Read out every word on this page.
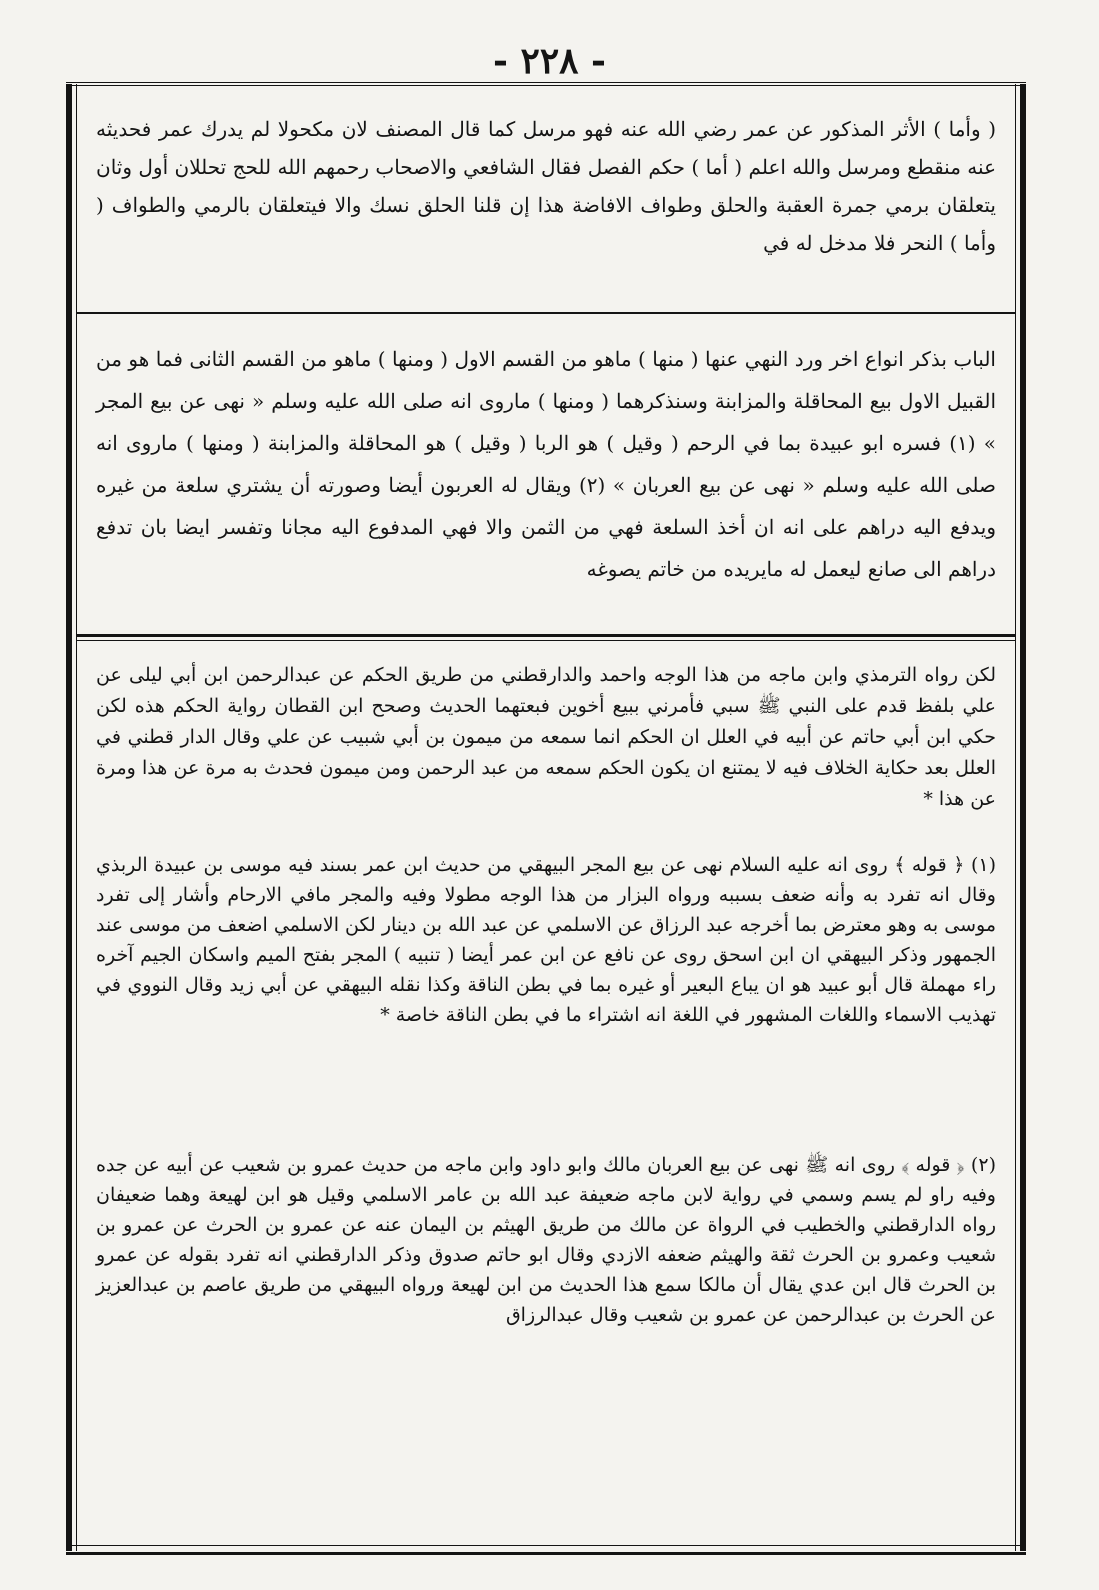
- ٢٢٨ -

( وأما ) الأثر المذكور عن عمر رضي الله عنه فهو مرسل كما قال المصنف لان مكحولا لم يدرك عمر فحديثه عنه منقطع ومرسل والله اعلم ( أما ) حكم الفصل فقال الشافعي والاصحاب رحمهم الله للحج تحللان أول وثان يتعلقان برمي جمرة العقبة والحلق وطواف الافاضة هذا إن قلنا الحلق نسك والا فيتعلقان بالرمي والطواف ( وأما ) النحر فلا مدخل له في

الباب بذكر انواع اخر ورد النهي عنها ( منها ) ماهو من القسم الاول ( ومنها ) ماهو من القسم الثانى فما هو من القبيل الاول بيع المحاقلة والمزابنة وسنذكرهما ( ومنها ) ماروى انه صلى الله عليه وسلم « نهى عن بيع المجر » (١) فسره ابو عبيدة بما في الرحم ( وقيل ) هو الربا ( وقيل ) هو المحاقلة والمزابنة ( ومنها ) ماروى انه صلى الله عليه وسلم « نهى عن بيع العربان » (٢) ويقال له العربون أيضا وصورته أن يشتري سلعة من غيره ويدفع اليه دراهم على انه ان أخذ السلعة فهي من الثمن والا فهي المدفوع اليه مجانا وتفسر ايضا بان تدفع دراهم الى صانع ليعمل له مايريده من خاتم يصوغه

لكن رواه الترمذي وابن ماجه من هذا الوجه واحمد والدارقطني من طريق الحكم عن عبدالرحمن ابن أبي ليلى عن علي بلفظ قدم على النبي ﷺ سبي فأمرني ببيع أخوين فبعتهما الحديث وصحح ابن القطان رواية الحكم هذه لكن حكي ابن أبي حاتم عن أبيه في العلل ان الحكم انما سمعه من ميمون بن أبي شبيب عن علي وقال الدار قطني في العلل بعد حكاية الخلاف فيه لا يمتنع ان يكون الحكم سمعه من عبد الرحمن ومن ميمون فحدث به مرة عن هذا ومرة عن هذا *

(١) ﴿ قوله ﴾ روى انه عليه السلام نهى عن بيع المجر البيهقي من حديث ابن عمر بسند فيه موسى بن عبيدة الربذي وقال انه تفرد به وأنه ضعف بسببه ورواه البزار من هذا الوجه مطولا وفيه والمجر مافي الارحام وأشار إلى تفرد موسى به وهو معترض بما أخرجه عبد الرزاق عن الاسلمي عن عبد الله بن دينار لكن الاسلمي اضعف من موسى عند الجمهور وذكر البيهقي ان ابن اسحق روى عن نافع عن ابن عمر أيضا ( تنبيه ) المجر بفتح الميم واسكان الجيم آخره راء مهملة قال أبو عبيد هو ان يباع البعير أو غيره بما في بطن الناقة وكذا نقله البيهقي عن أبي زيد وقال النووي في تهذيب الاسماء واللغات المشهور في اللغة انه اشتراء ما في بطن الناقة خاصة *

(٢) ﴿ قوله ﴾ روى انه ﷺ نهى عن بيع العربان مالك وابو داود وابن ماجه من حديث عمرو بن شعيب عن أبيه عن جده وفيه راو لم يسم وسمي في رواية لابن ماجه ضعيفة عبد الله بن عامر الاسلمي وقيل هو ابن لهيعة وهما ضعيفان رواه الدارقطني والخطيب في الرواة عن مالك من طريق الهيثم بن اليمان عنه عن عمرو بن الحرث عن عمرو بن شعيب وعمرو بن الحرث ثقة والهيثم ضعفه الازدي وقال ابو حاتم صدوق وذكر الدارقطني انه تفرد بقوله عن عمرو بن الحرث قال ابن عدي يقال أن مالكا سمع هذا الحديث من ابن لهيعة ورواه البيهقي من طريق عاصم بن عبدالعزيز عن الحرث بن عبدالرحمن عن عمرو بن شعيب وقال عبدالرزاق
